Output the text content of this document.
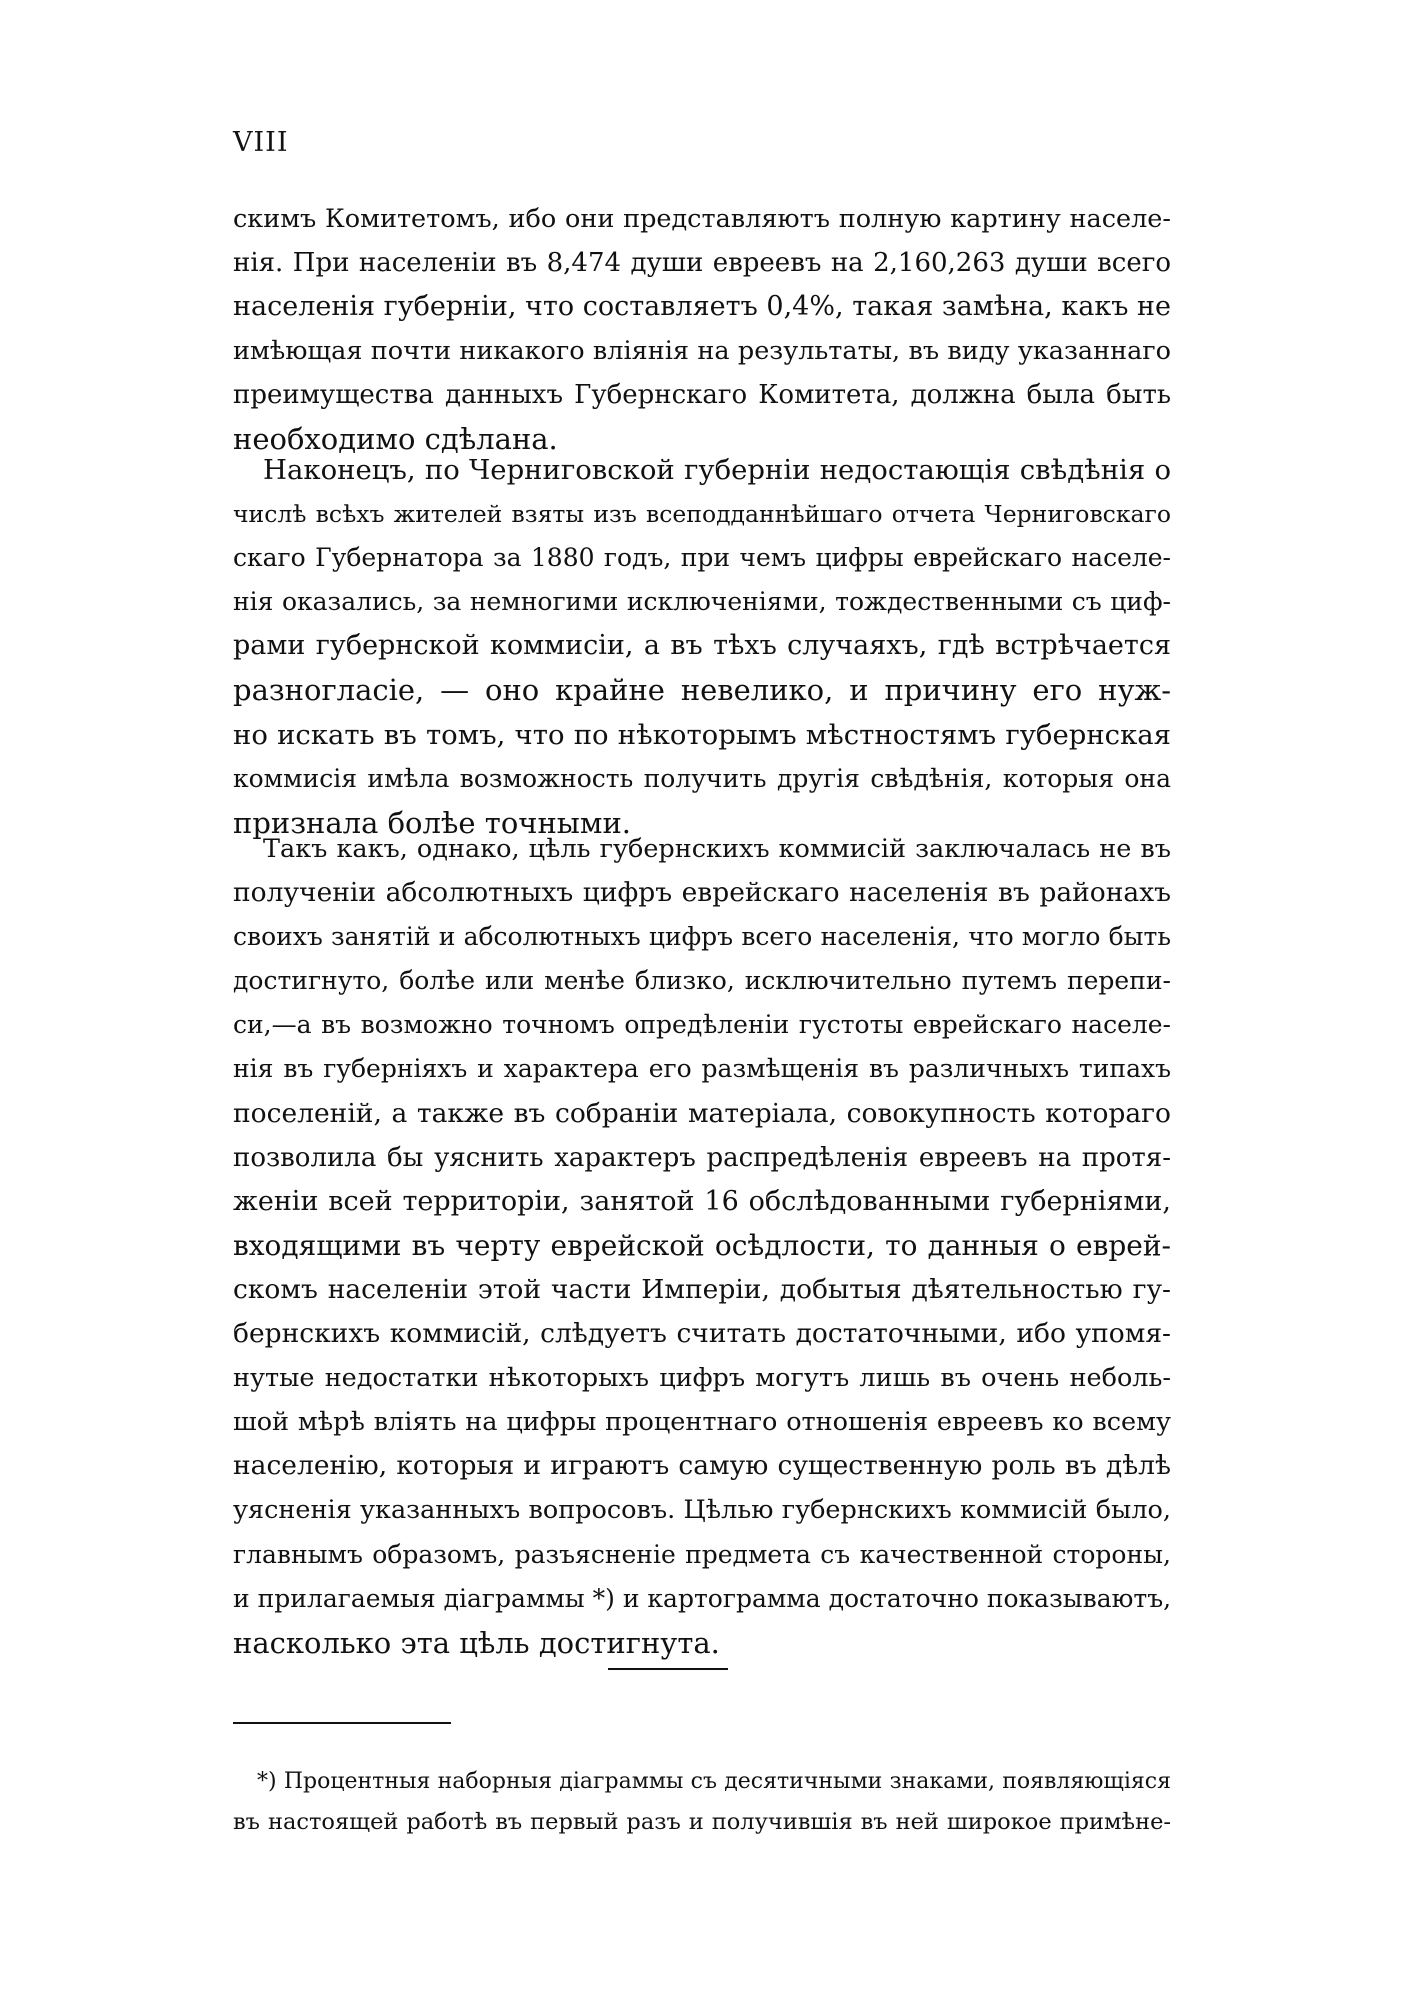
VIII
скимъ Комитетомъ, ибо они представляютъ полную картину населе-
нія. При населеніи въ 8,474 души евреевъ на 2,160,263 души всего
населенія губерніи, что составляетъ 0,4%, такая замѣна, какъ не
имѣющая почти никакого вліянія на результаты, въ виду указаннаго
преимущества данныхъ Губернскаго Комитета, должна была быть
необходимо сдѣлана.
Наконецъ, по Черниговской губерніи недостающія свѣдѣнія о
числѣ всѣхъ жителей взяты изъ всеподданнѣйшаго отчета Черниговскаго
скаго Губернатора за 1880 годъ, при чемъ цифры еврейскаго населе-
нія оказались, за немногими исключеніями, тождественными съ циф-
рами губернской коммисіи, а въ тѣхъ случаяхъ, гдѣ встрѣчается
разногласіе, — оно крайне невелико, и причину его нуж-
но искать въ томъ, что по нѣкоторымъ мѣстностямъ губернская
коммисія имѣла возможность получить другія свѣдѣнія, которыя она
признала болѣе точными.
Такъ какъ, однако, цѣль губернскихъ коммисій заключалась не въ
полученіи абсолютныхъ цифръ еврейскаго населенія въ районахъ
своихъ занятій и абсолютныхъ цифръ всего населенія, что могло быть
достигнуто, болѣе или менѣе близко, исключительно путемъ перепи-
си,—а въ возможно точномъ опредѣленіи густоты еврейскаго населе-
нія въ губерніяхъ и характера его размѣщенія въ различныхъ типахъ
поселеній, а также въ собраніи матеріала, совокупность котораго
позволила бы уяснить характеръ распредѣленія евреевъ на протя-
женіи всей территоріи, занятой 16 обслѣдованными губерніями,
входящими въ черту еврейской осѣдлости, то данныя о еврей-
скомъ населеніи этой части Имперіи, добытыя дѣятельностью гу-
бернскихъ коммисій, слѣдуетъ считать достаточными, ибо упомя-
нутые недостатки нѣкоторыхъ цифръ могутъ лишь въ очень неболь-
шой мѣрѣ вліять на цифры процентнаго отношенія евреевъ ко всему
населенію, которыя и играютъ самую существенную роль въ дѣлѣ
уясненія указанныхъ вопросовъ. Цѣлью губернскихъ коммисій было,
главнымъ образомъ, разъясненіе предмета съ качественной стороны,
и прилагаемыя діаграммы *) и картограмма достаточно показываютъ,
насколько эта цѣль достигнута.
*) Процентныя наборныя діаграммы съ десятичными знаками, появляющіяся
въ настоящей работѣ въ первый разъ и получившія въ ней широкое примѣне-
